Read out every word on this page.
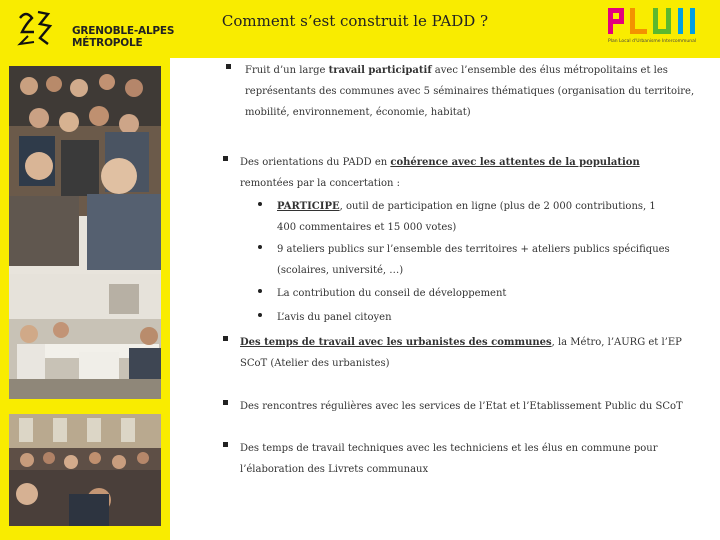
GRENOBLE-ALPES MÉTROPOLE
Comment s’est construit le PADD ?
Plan Local d'Urbanisme Intercommunal
Fruit d’un large travail participatif avec l’ensemble des élus métropolitains et les représentants des communes avec 5 séminaires thématiques (organisation du territoire, mobilité, environnement, économie, habitat)
Des orientations du PADD en cohérence avec les attentes de la population remontées par la concertation :
PARTICIPE, outil de participation en ligne (plus de 2 000 contributions, 1 400 commentaires et 15 000 votes)
9 ateliers publics sur l’ensemble des territoires + ateliers publics spécifiques (scolaires, université, …)
La contribution du conseil de développement
L’avis du panel citoyen
Des temps de travail avec les urbanistes des communes, la Métro, l’AURG et l’EP SCoT (Atelier des urbanistes)
Des rencontres régulières avec les services de l’Etat et l’Etablissement Public du SCoT
Des temps de travail techniques avec les techniciens et les élus en commune pour l’élaboration des Livrets communaux
